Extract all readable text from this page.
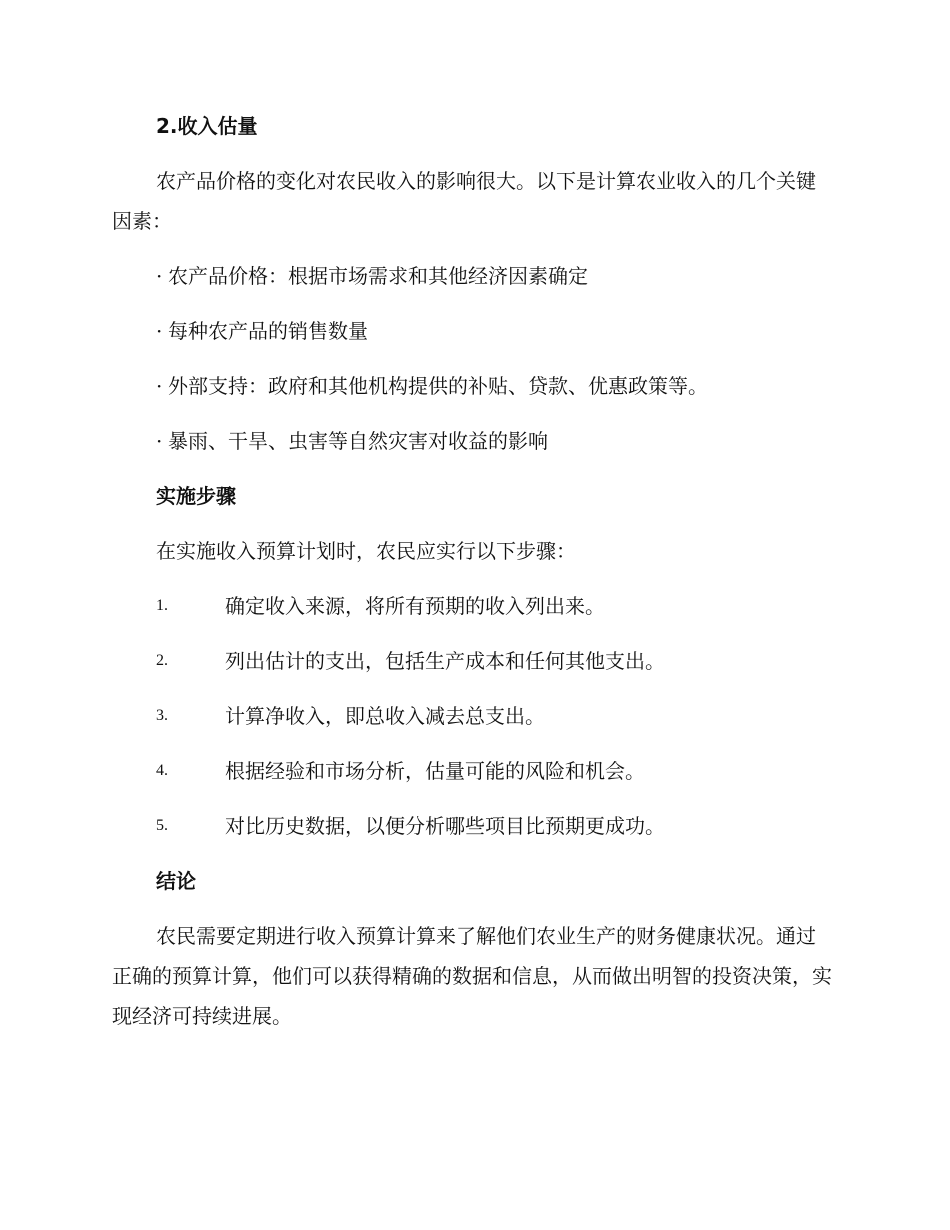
2.收入估量
农产品价格的变化对农民收入的影响很大。以下是计算农业收入的几个关键因素：
· 农产品价格：根据市场需求和其他经济因素确定
· 每种农产品的销售数量
· 外部支持：政府和其他机构提供的补贴、贷款、优惠政策等。
· 暴雨、干旱、虫害等自然灾害对收益的影响
实施步骤
在实施收入预算计划时，农民应实行以下步骤：
1.	确定收入来源，将所有预期的收入列出来。
2.	列出估计的支出，包括生产成本和任何其他支出。
3.	计算净收入，即总收入减去总支出。
4.	根据经验和市场分析，估量可能的风险和机会。
5.	对比历史数据，以便分析哪些项目比预期更成功。
结论
农民需要定期进行收入预算计算来了解他们农业生产的财务健康状况。通过正确的预算计算，他们可以获得精确的数据和信息，从而做出明智的投资决策，实现经济可持续进展。
